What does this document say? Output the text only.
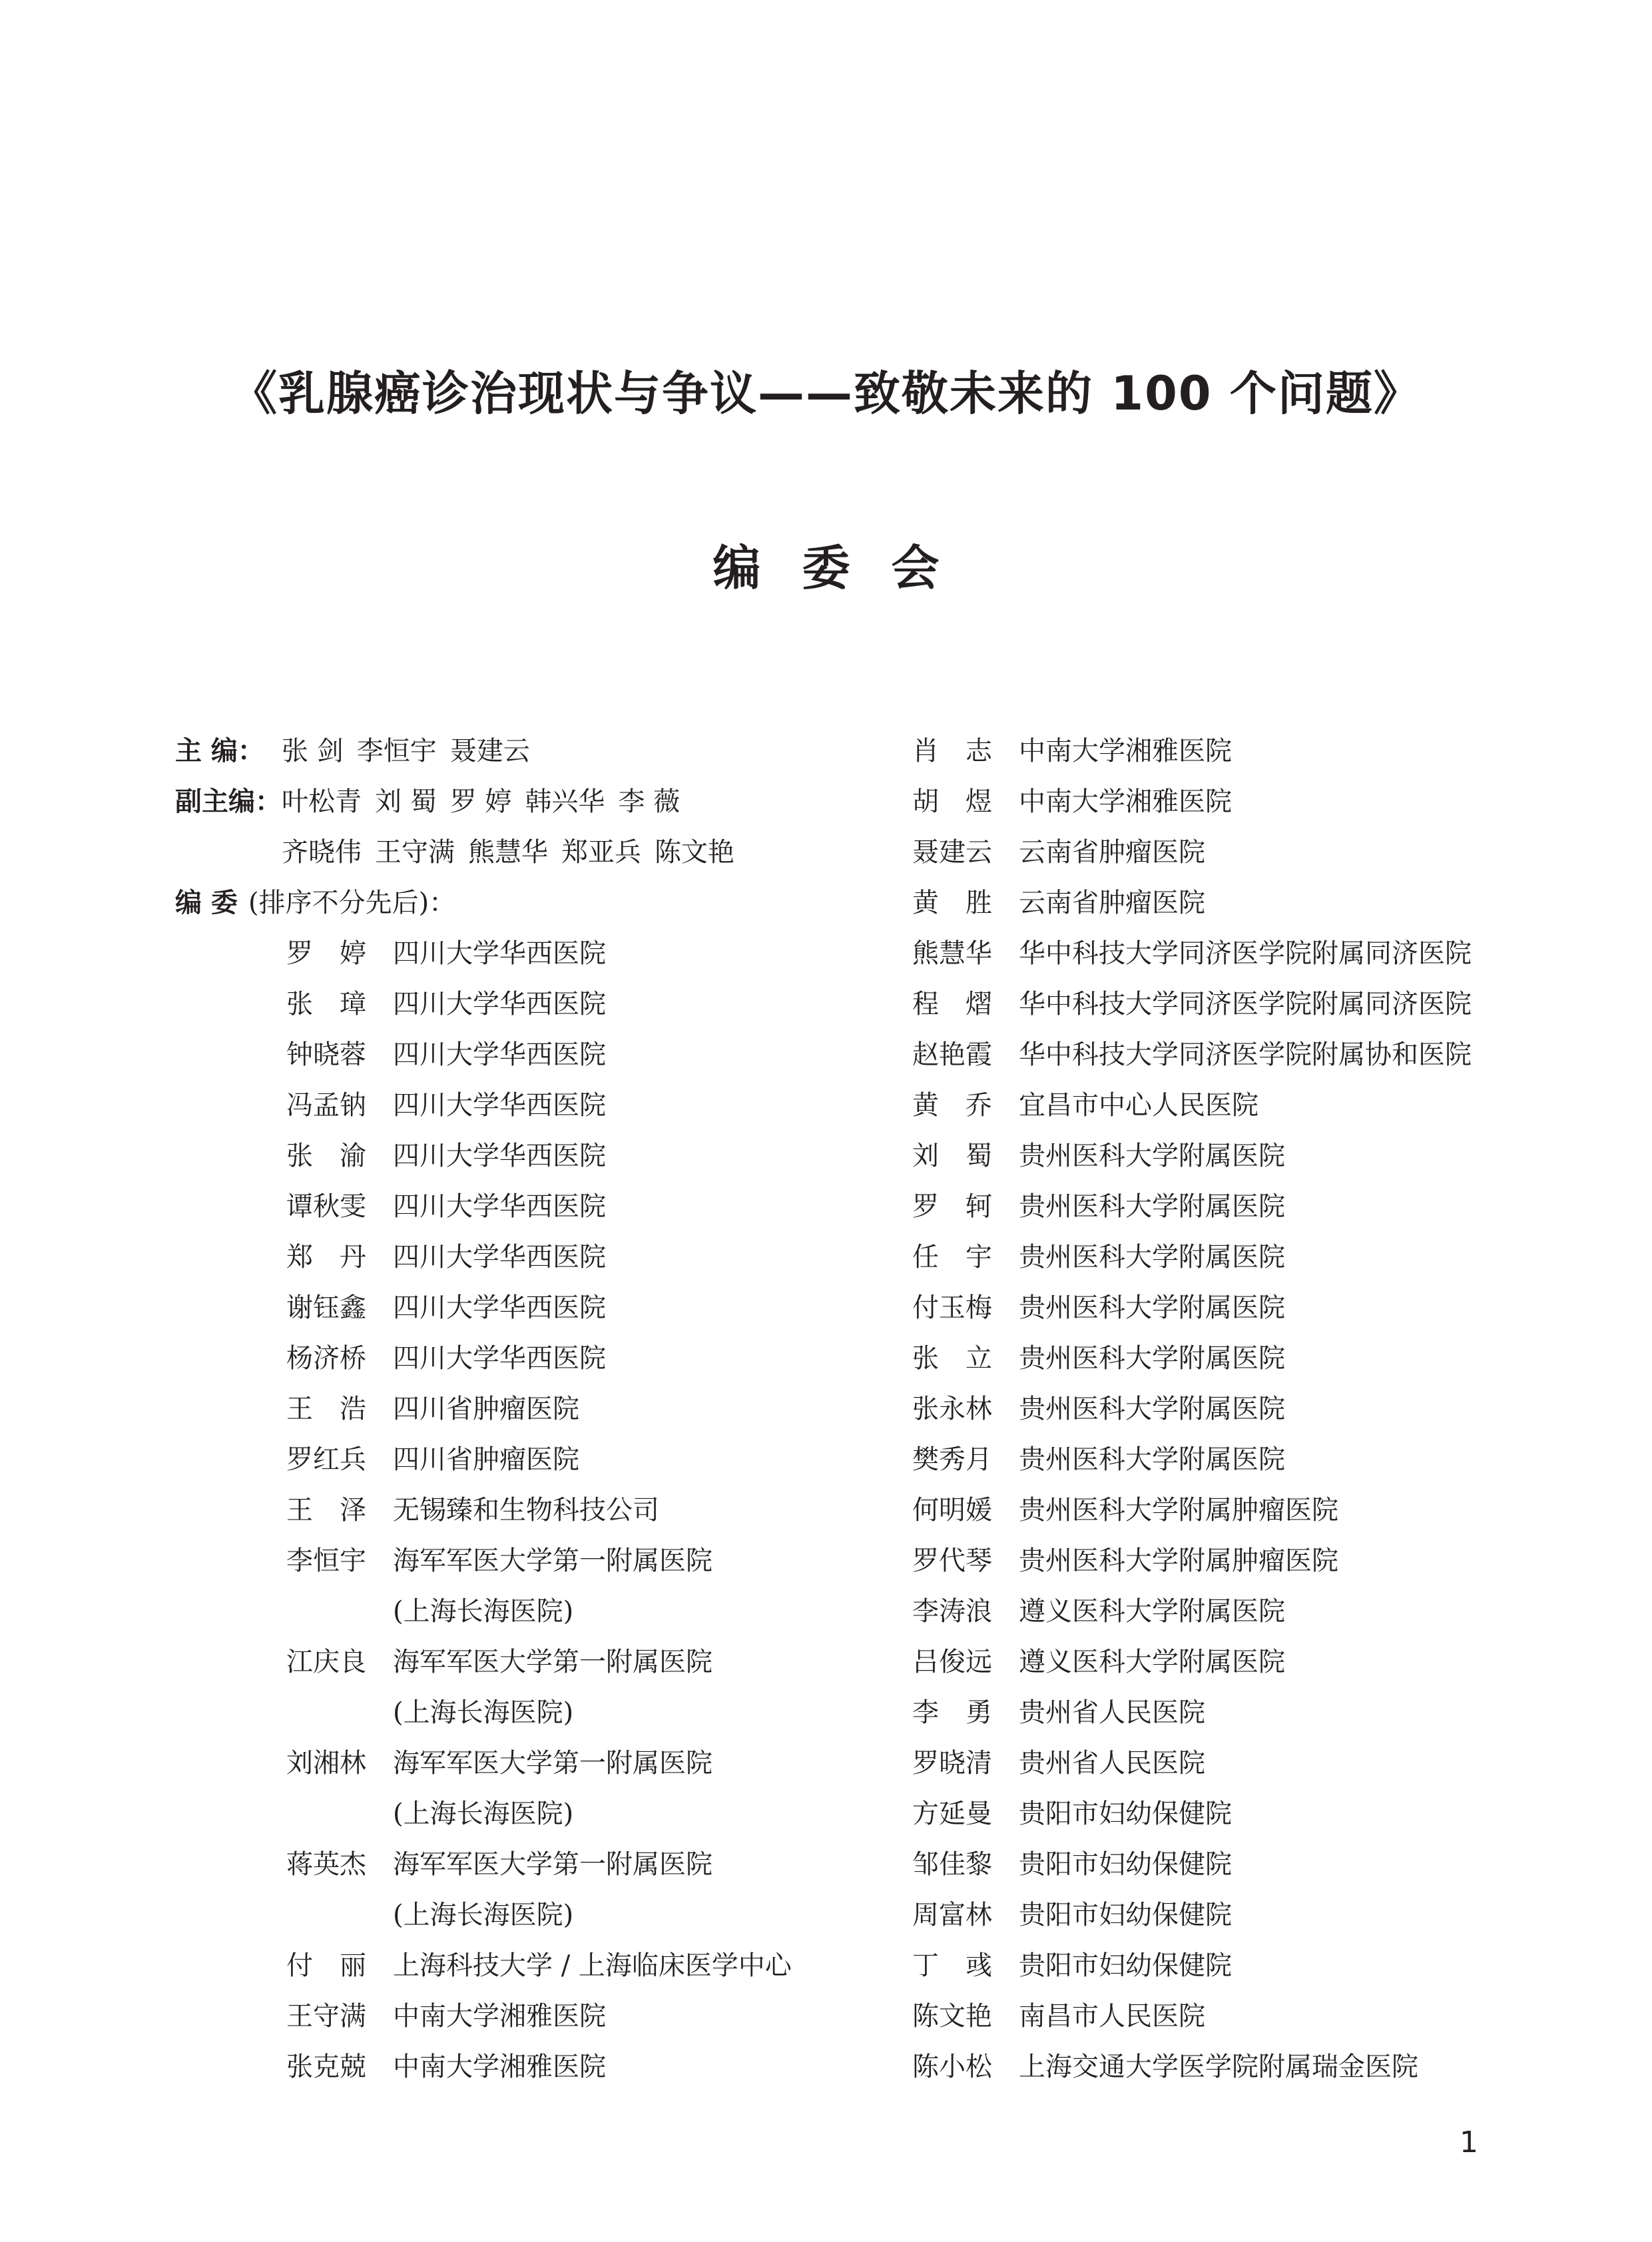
《乳腺癌诊治现状与争议——致敬未来的 100 个问题》
编委会
主 编： 张 剑 李恒宇 聂建云
副主编：叶松青 刘 蜀 罗 婷 韩兴华 李 薇
齐晓伟 王守满 熊慧华 郑亚兵 陈文艳
编 委 (排序不分先后)：
罗婷 四川大学华西医院
张璋 四川大学华西医院
钟晓蓉 四川大学华西医院
冯孟钠 四川大学华西医院
张渝 四川大学华西医院
谭秋雯 四川大学华西医院
郑丹 四川大学华西医院
谢钰鑫 四川大学华西医院
杨济桥 四川大学华西医院
王浩 四川省肿瘤医院
罗红兵 四川省肿瘤医院
王泽 无锡臻和生物科技公司
李恒宇 海军军医大学第一附属医院
(上海长海医院)
江庆良 海军军医大学第一附属医院
(上海长海医院)
刘湘林 海军军医大学第一附属医院
(上海长海医院)
蒋英杰 海军军医大学第一附属医院
(上海长海医院)
付丽 上海科技大学 / 上海临床医学中心
王守满 中南大学湘雅医院
张克兢 中南大学湘雅医院
肖志 中南大学湘雅医院
胡煜 中南大学湘雅医院
聂建云 云南省肿瘤医院
黄胜 云南省肿瘤医院
熊慧华 华中科技大学同济医学院附属同济医院
程熠 华中科技大学同济医学院附属同济医院
赵艳霞 华中科技大学同济医学院附属协和医院
黄乔 宜昌市中心人民医院
刘蜀 贵州医科大学附属医院
罗轲 贵州医科大学附属医院
任宇 贵州医科大学附属医院
付玉梅 贵州医科大学附属医院
张立 贵州医科大学附属医院
张永林 贵州医科大学附属医院
樊秀月 贵州医科大学附属医院
何明媛 贵州医科大学附属肿瘤医院
罗代琴 贵州医科大学附属肿瘤医院
李涛浪 遵义医科大学附属医院
吕俊远 遵义医科大学附属医院
李勇 贵州省人民医院
罗晓清 贵州省人民医院
方延曼 贵阳市妇幼保健院
邹佳黎 贵阳市妇幼保健院
周富林 贵阳市妇幼保健院
丁彧 贵阳市妇幼保健院
陈文艳 南昌市人民医院
陈小松 上海交通大学医学院附属瑞金医院
1
